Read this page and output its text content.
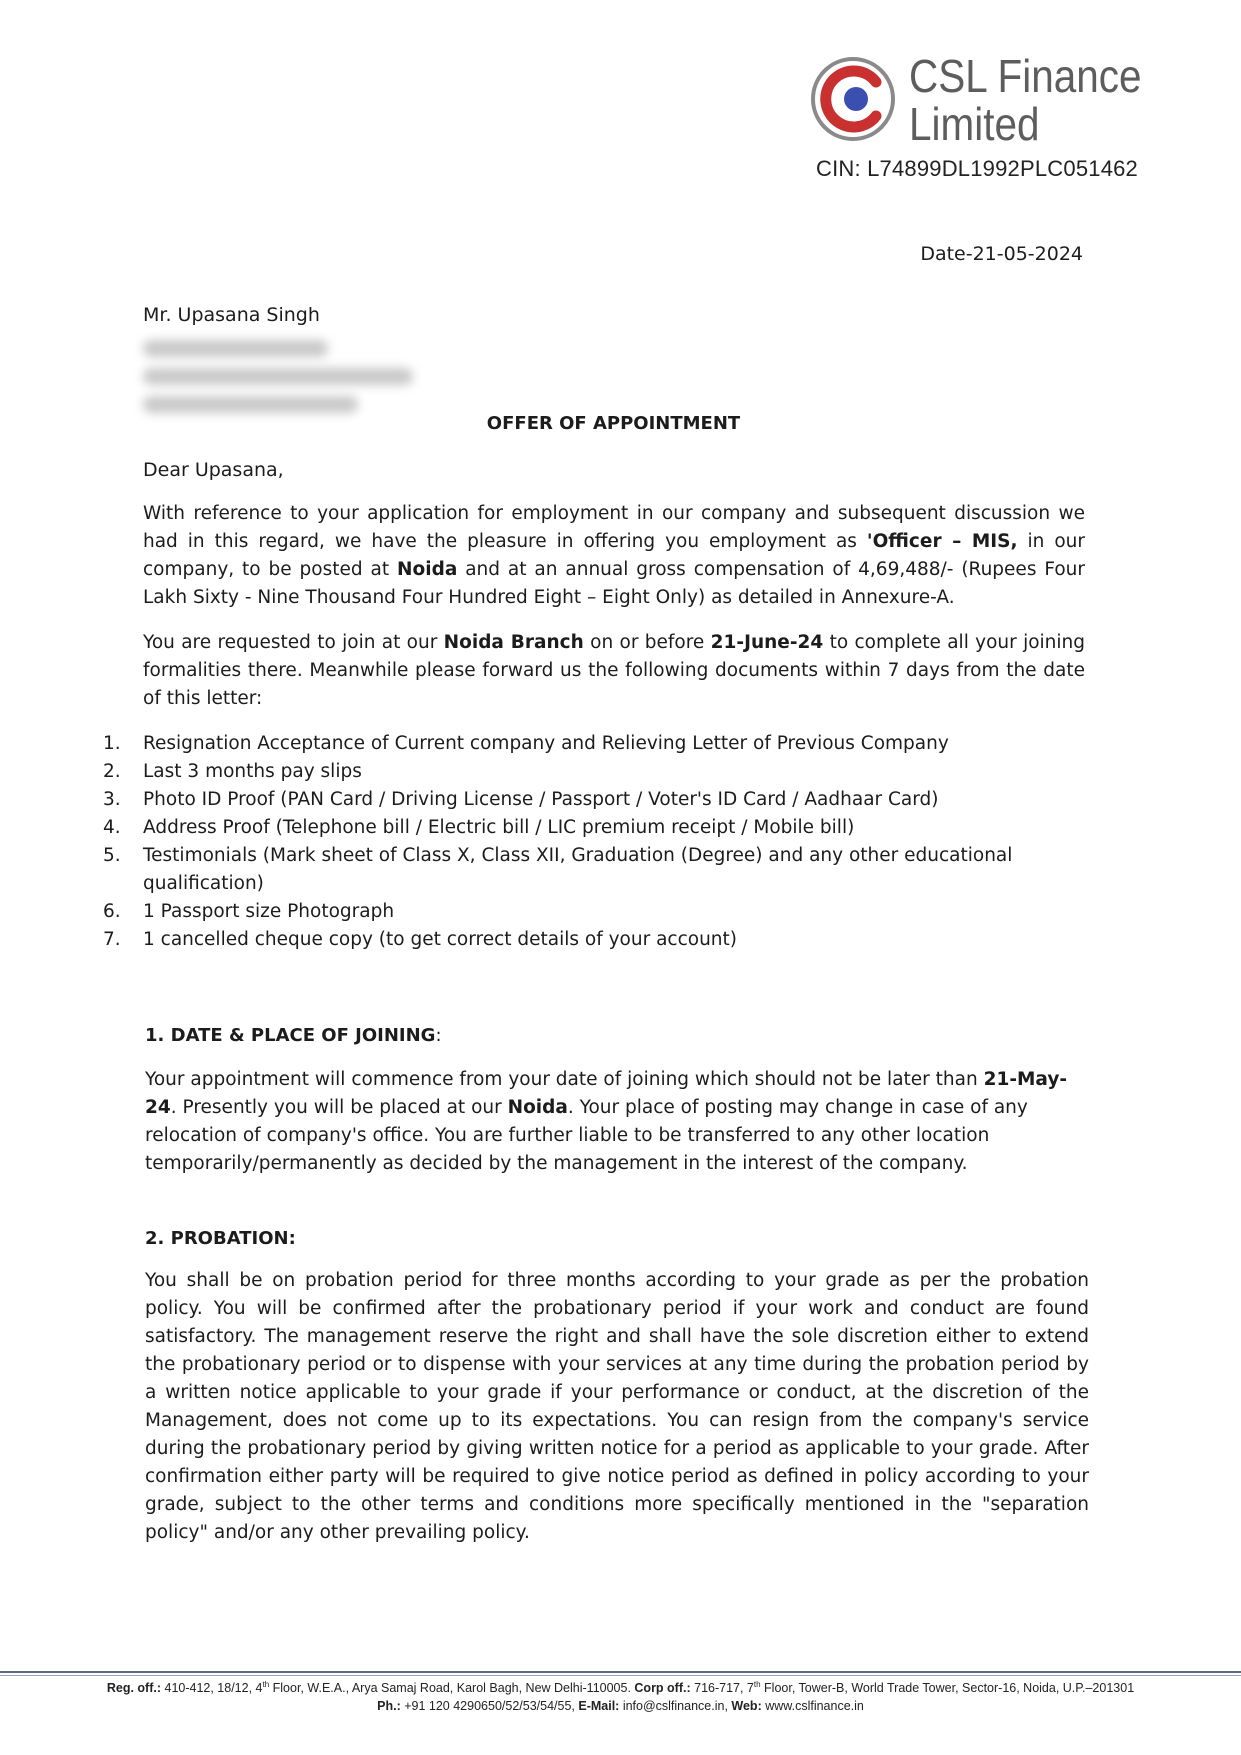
CSL Finance
Limited
CIN: L74899DL1992PLC051462
Date-21-05-2024
Mr. Upasana Singh
OFFER OF APPOINTMENT
Dear Upasana,

With reference to your application for employment in our company and subsequent discussion we had in this regard, we have the pleasure in offering you employment as 'Officer – MIS, in our company, to be posted at Noida and at an annual gross compensation of 4,69,488/- (Rupees Four Lakh Sixty - Nine Thousand Four Hundred Eight – Eight Only) as detailed in Annexure-A.

You are requested to join at our Noida Branch on or before 21-June-24 to complete all your joining formalities there. Meanwhile please forward us the following documents within 7 days from the date of this letter:

1.	Resignation Acceptance of Current company and Relieving Letter of Previous Company
2.	Last 3 months pay slips
3.	Photo ID Proof (PAN Card / Driving License / Passport / Voter's ID Card / Aadhaar Card)
4.	Address Proof (Telephone bill / Electric bill / LIC premium receipt / Mobile bill)
5.	Testimonials (Mark sheet of Class X, Class XII, Graduation (Degree) and any other educational qualification)
6.	1 Passport size Photograph
7.	1 cancelled cheque copy (to get correct details of your account)
1. DATE & PLACE OF JOINING:

Your appointment will commence from your date of joining which should not be later than 21-May-24. Presently you will be placed at our Noida. Your place of posting may change in case of any relocation of company's office. You are further liable to be transferred to any other location temporarily/permanently as decided by the management in the interest of the company.

2. PROBATION:

You shall be on probation period for three months according to your grade as per the probation policy. You will be confirmed after the probationary period if your work and conduct are found satisfactory. The management reserve the right and shall have the sole discretion either to extend the probationary period or to dispense with your services at any time during the probation period by a written notice applicable to your grade if your performance or conduct, at the discretion of the Management, does not come up to its expectations. You can resign from the company's service during the probationary period by giving written notice for a period as applicable to your grade. After confirmation either party will be required to give notice period as defined in policy according to your grade, subject to the other terms and conditions more specifically mentioned in the "separation policy" and/or any other prevailing policy.

Reg. off.: 410-412, 18/12, 4th Floor, W.E.A., Arya Samaj Road, Karol Bagh, New Delhi-110005. Corp off.: 716-717, 7th Floor, Tower-B, World Trade Tower, Sector-16, Noida, U.P.–201301
Ph.: +91 120 4290650/52/53/54/55, E-Mail: info@cslfinance.in, Web: www.cslfinance.in
